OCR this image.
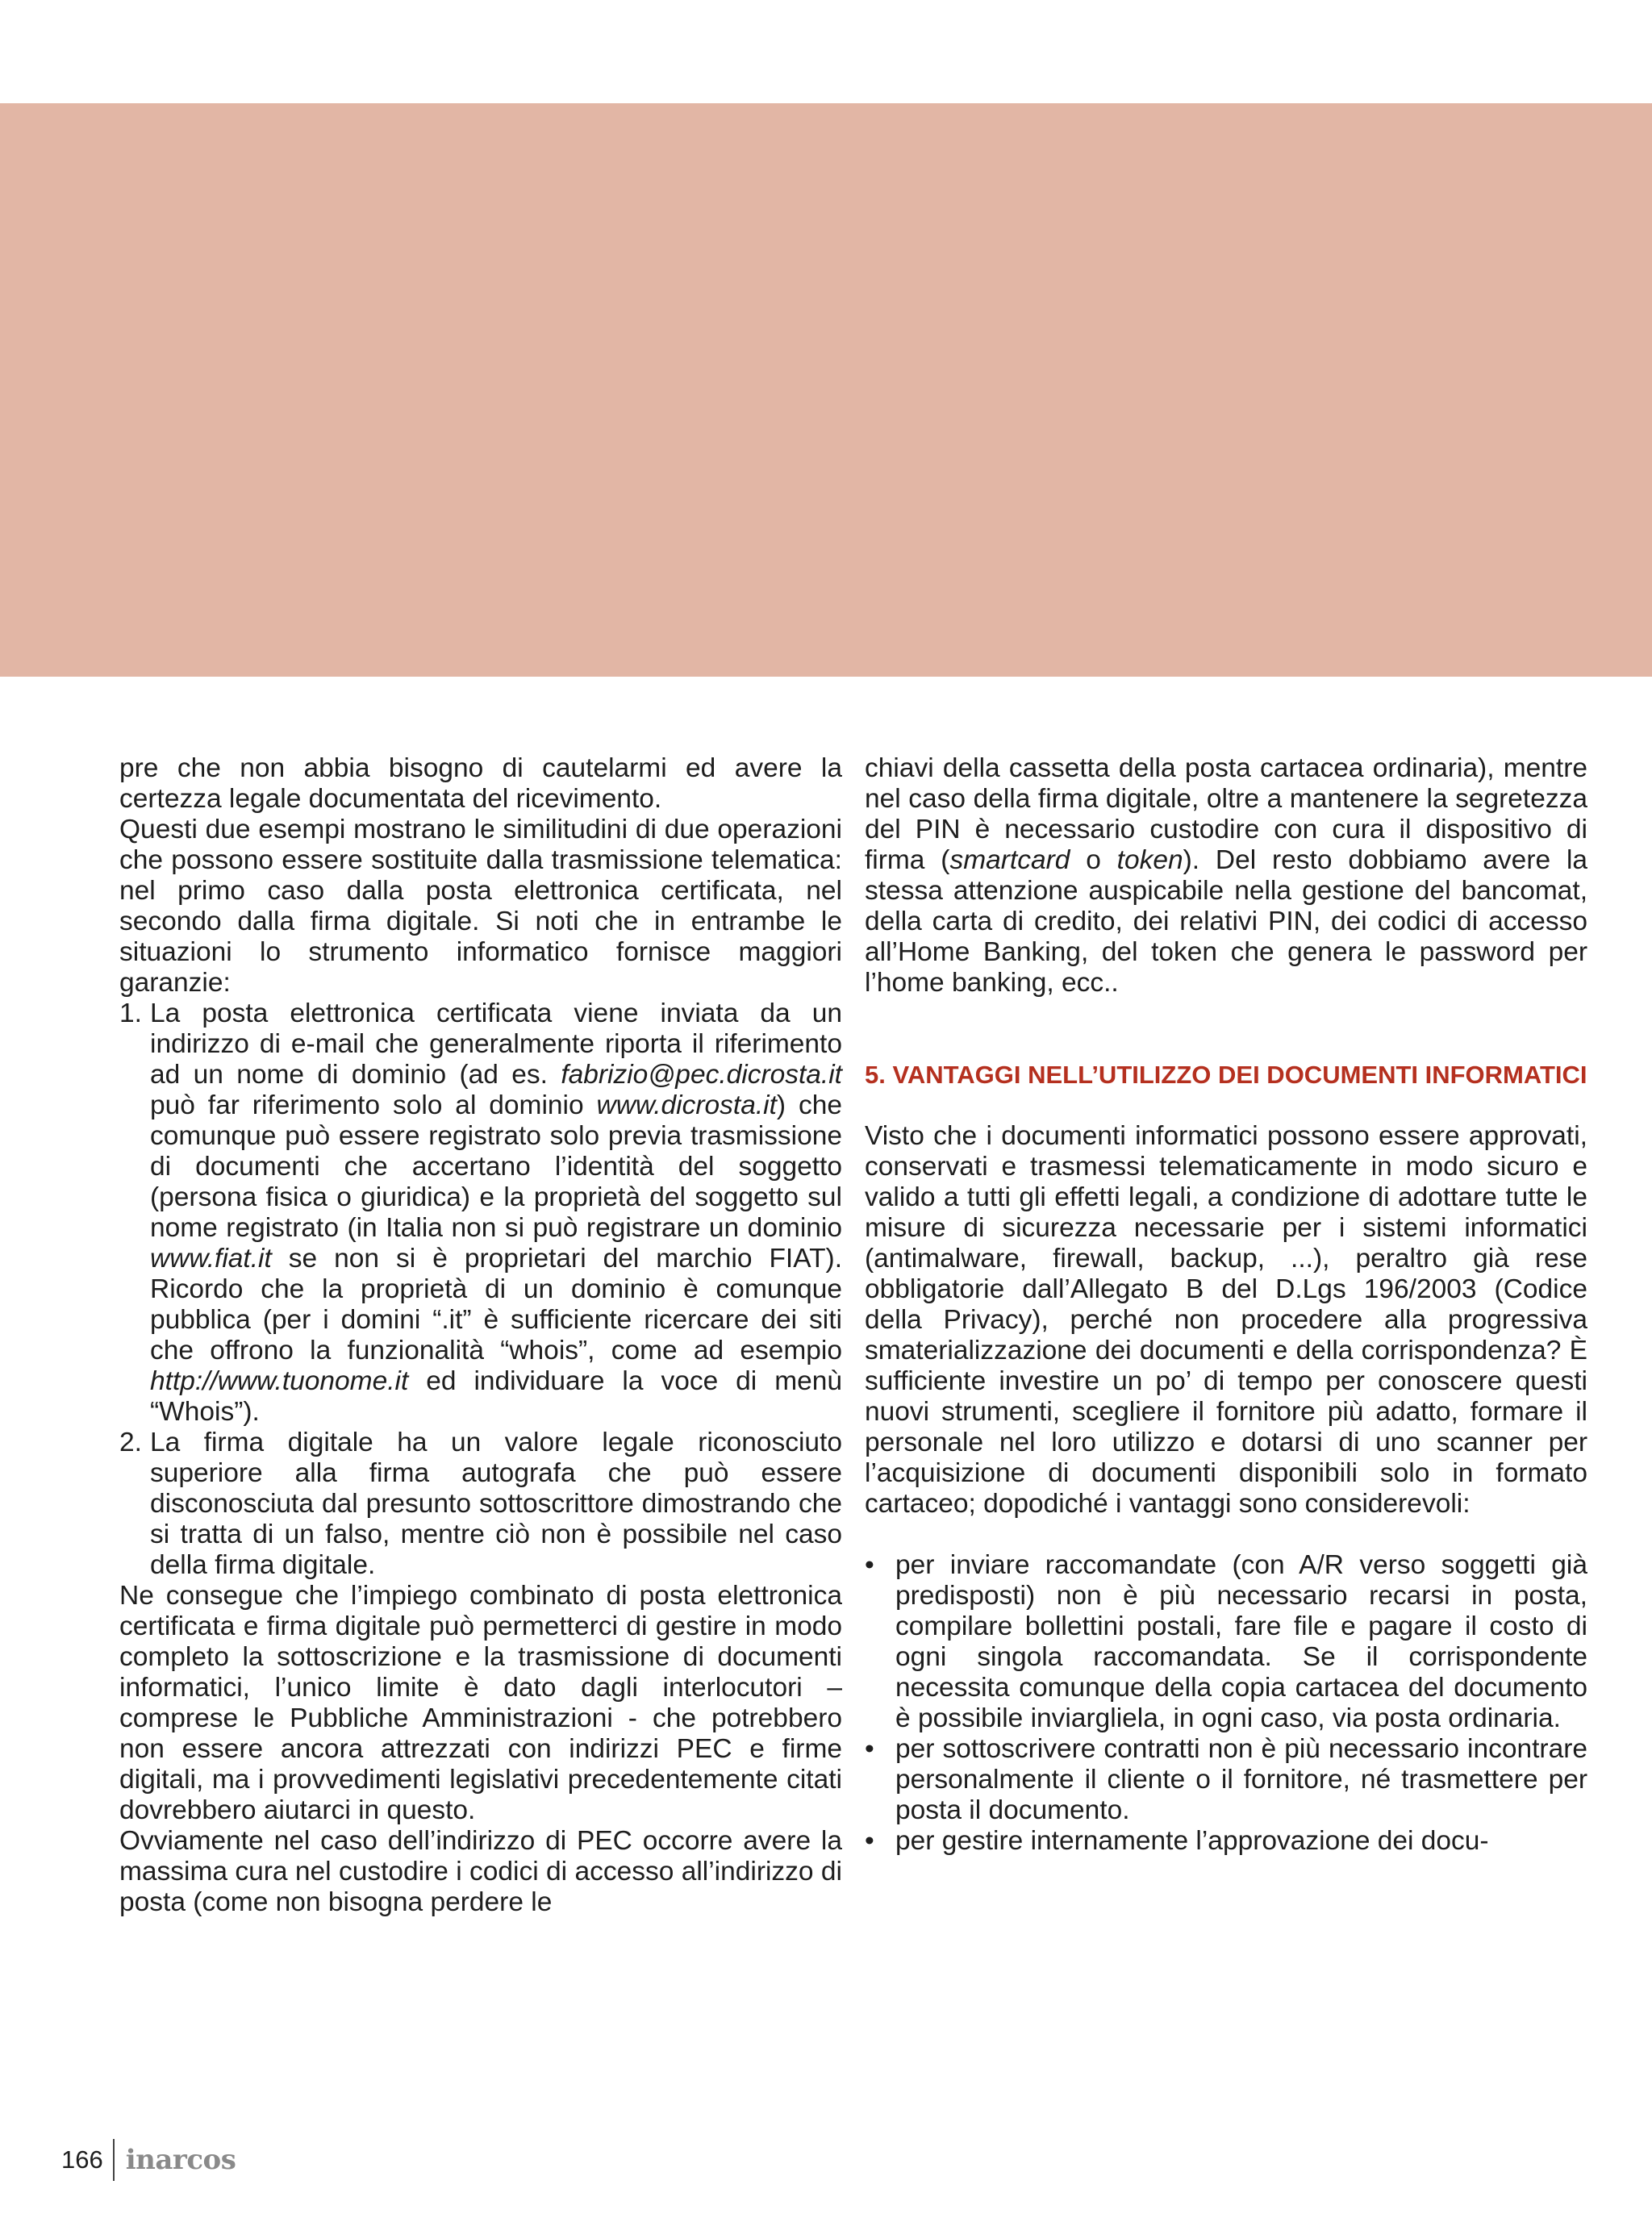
pre che non abbia bisogno di cautelarmi ed avere la certezza legale documentata del ricevimento.

Questi due esempi mostrano le similitudini di due operazioni che possono essere sostituite dalla trasmissione telematica: nel primo caso dalla posta elettronica certificata, nel secondo dalla firma digitale. Si noti che in entrambe le situazioni lo strumento informatico fornisce maggiori garanzie:

1. La posta elettronica certificata viene inviata da un indirizzo di e-mail che generalmente riporta il riferimento ad un nome di dominio (ad es. fabrizio@pec.dicrosta.it può far riferimento solo al dominio www.dicrosta.it) che comunque può essere registrato solo previa trasmissione di documenti che accertano l’identità del soggetto (persona fisica o giuridica) e la proprietà del soggetto sul nome registrato (in Italia non si può registrare un dominio www.fiat.it se non si è proprietari del marchio FIAT). Ricordo che la proprietà di un dominio è comunque pubblica (per i domini “.it” è sufficiente ricercare dei siti che offrono la funzionalità “whois”, come ad esempio http://www.tuonome.it ed individuare la voce di menù “Whois”).
2. La firma digitale ha un valore legale riconosciuto superiore alla firma autografa che può essere disconosciuta dal presunto sottoscrittore dimostrando che si tratta di un falso, mentre ciò non è possibile nel caso della firma digitale.

Ne consegue che l’impiego combinato di posta elettronica certificata e firma digitale può permetterci di gestire in modo completo la sottoscrizione e la trasmissione di documenti informatici, l’unico limite è dato dagli interlocutori – comprese le Pubbliche Amministrazioni - che potrebbero non essere ancora attrezzati con indirizzi PEC e firme digitali, ma i provvedimenti legislativi precedentemente citati dovrebbero aiutarci in questo.

Ovviamente nel caso dell’indirizzo di PEC occorre avere la massima cura nel custodire i codici di accesso all’indirizzo di posta (come non bisogna perdere le

chiavi della cassetta della posta cartacea ordinaria), mentre nel caso della firma digitale, oltre a mantenere la segretezza del PIN è necessario custodire con cura il dispositivo di firma (smartcard o token). Del resto dobbiamo avere la stessa attenzione auspicabile nella gestione del bancomat, della carta di credito, dei relativi PIN, dei codici di accesso all’Home Banking, del token che genera le password per l’home banking, ecc..

5. VANTAGGI NELL’UTILIZZO DEI DOCUMENTI INFORMATICI

Visto che i documenti informatici possono essere approvati, conservati e trasmessi telematicamente in modo sicuro e valido a tutti gli effetti legali, a condizione di adottare tutte le misure di sicurezza necessarie per i sistemi informatici (antimalware, firewall, backup, ...), peraltro già rese obbligatorie dall’Allegato B del D.Lgs 196/2003 (Codice della Privacy), perché non procedere alla progressiva smaterializzazione dei documenti e della corrispondenza? È sufficiente investire un po’ di tempo per conoscere questi nuovi strumenti, scegliere il fornitore più adatto, formare il personale nel loro utilizzo e dotarsi di uno scanner per l’acquisizione di documenti disponibili solo in formato cartaceo; dopodiché i vantaggi sono considerevoli:

• per inviare raccomandate (con A/R verso soggetti già predisposti) non è più necessario recarsi in posta, compilare bollettini postali, fare file e pagare il costo di ogni singola raccomandata. Se il corrispondente necessita comunque della copia cartacea del documento è possibile inviargliela, in ogni caso, via posta ordinaria.
• per sottoscrivere contratti non è più necessario incontrare personalmente il cliente o il fornitore, né trasmettere per posta il documento.
• per gestire internamente l’approvazione dei docu-
166 inarcos
